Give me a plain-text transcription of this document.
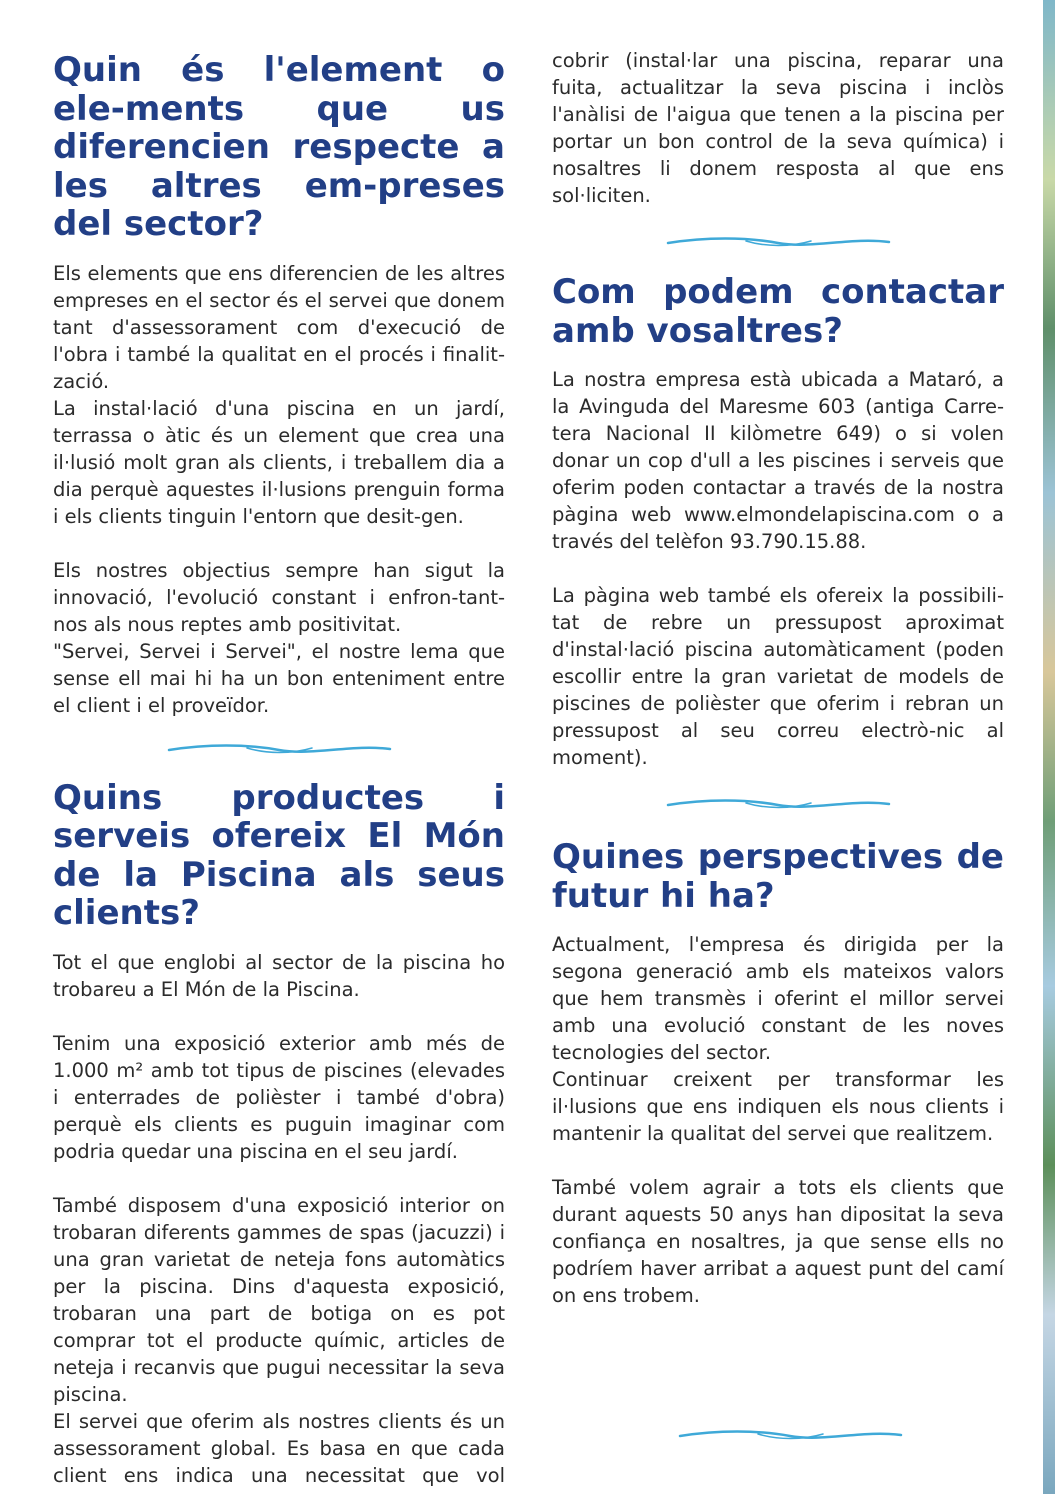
Quin és l'element o ele-ments que us diferencien respecte a les altres em-preses del sector?

Els elements que ens diferencien de les altres empreses en el sector és el servei que donem tant d'assessorament com d'execució de l'obra i també la qualitat en el procés i finalit-zació.

La instal·lació d'una piscina en un jardí, terrassa o àtic és un element que crea una il·lusió molt gran als clients, i treballem dia a dia perquè aquestes il·lusions prenguin forma i els clients tinguin l'entorn que desit-gen.

Els nostres objectius sempre han sigut la innovació, l'evolució constant i enfron-tant-nos als nous reptes amb positivitat.

"Servei, Servei i Servei", el nostre lema que sense ell mai hi ha un bon enteniment entre el client i el proveïdor.

Quins productes i serveis ofereix El Món de la Piscina als seus clients?

Tot el que englobi al sector de la piscina ho trobareu a El Món de la Piscina.

Tenim una exposició exterior amb més de 1.000 m² amb tot tipus de piscines (elevades i enterrades de polièster i també d'obra) perquè els clients es puguin imaginar com podria quedar una piscina en el seu jardí.

També disposem d'una exposició interior on trobaran diferents gammes de spas (jacuzzi) i una gran varietat de neteja fons automàtics per la piscina. Dins d'aquesta exposició, trobaran una part de botiga on es pot comprar tot el producte químic, articles de neteja i recanvis que pugui necessitar la seva piscina.

El servei que oferim als nostres clients és un assessorament global. Es basa en que cada client ens indica una necessitat que vol

cobrir (instal·lar una piscina, reparar una fuita, actualitzar la seva piscina i inclòs l'anàlisi de l'aigua que tenen a la piscina per portar un bon control de la seva química) i nosaltres li donem resposta al que ens sol·liciten.

Com podem contactar amb vosaltres?

La nostra empresa està ubicada a Mataró, a la Avinguda del Maresme 603 (antiga Carre-tera Nacional II kilòmetre 649) o si volen donar un cop d'ull a les piscines i serveis que oferim poden contactar a través de la nostra pàgina web www.elmondelapiscina.com o a través del telèfon 93.790.15.88.

La pàgina web també els ofereix la possibili-tat de rebre un pressupost aproximat d'instal·lació piscina automàticament (poden escollir entre la gran varietat de models de piscines de polièster que oferim i rebran un pressupost al seu correu electrò-nic al moment).

Quines perspectives de futur hi ha?

Actualment, l'empresa és dirigida per la segona generació amb els mateixos valors que hem transmès i oferint el millor servei amb una evolució constant de les noves tecnologies del sector.

Continuar creixent per transformar les il·lusions que ens indiquen els nous clients i mantenir la qualitat del servei que realitzem.

També volem agrair a tots els clients que durant aquests 50 anys han dipositat la seva confiança en nosaltres, ja que sense ells no podríem haver arribat a aquest punt del camí on ens trobem.
